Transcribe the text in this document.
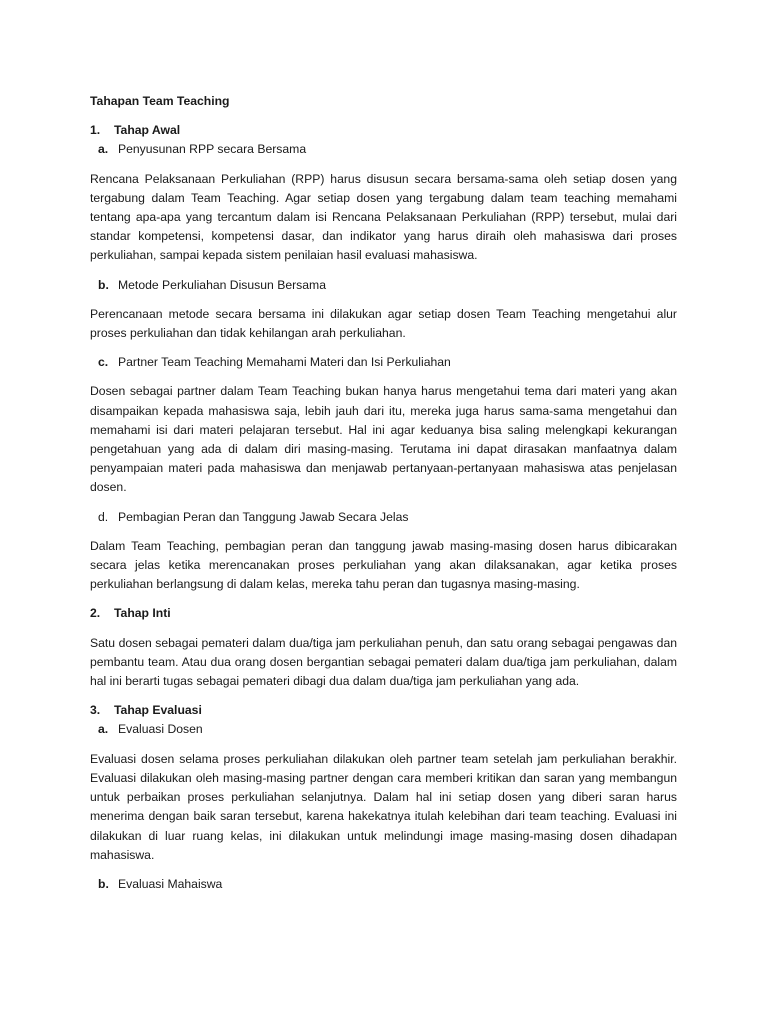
Tahapan Team Teaching
1.	Tahap Awal
a. Penyusunan RPP secara Bersama

Rencana Pelaksanaan Perkuliahan (RPP) harus disusun secara bersama-sama oleh setiap dosen yang tergabung dalam Team Teaching. Agar setiap dosen yang tergabung dalam team teaching memahami tentang apa-apa yang tercantum dalam isi Rencana Pelaksanaan Perkuliahan (RPP) tersebut, mulai dari standar kompetensi, kompetensi dasar, dan indikator yang harus diraih oleh mahasiswa dari proses perkuliahan, sampai kepada sistem penilaian hasil evaluasi mahasiswa.

b. Metode Perkuliahan Disusun Bersama

Perencanaan metode secara bersama ini dilakukan agar setiap dosen Team Teaching mengetahui alur proses perkuliahan dan tidak kehilangan arah perkuliahan.

c. Partner Team Teaching Memahami Materi dan Isi Perkuliahan

Dosen sebagai partner dalam Team Teaching bukan hanya harus mengetahui tema dari materi yang akan disampaikan kepada mahasiswa saja, lebih jauh dari itu, mereka juga harus sama-sama mengetahui dan memahami isi dari materi pelajaran tersebut. Hal ini agar keduanya bisa saling melengkapi kekurangan pengetahuan yang ada di dalam diri masing-masing. Terutama ini dapat dirasakan manfaatnya dalam penyampaian materi pada mahasiswa dan menjawab pertanyaan-pertanyaan mahasiswa atas penjelasan dosen.

d. Pembagian Peran dan Tanggung Jawab Secara Jelas

Dalam Team Teaching, pembagian peran dan tanggung jawab masing-masing dosen harus dibicarakan secara jelas ketika merencanakan proses perkuliahan yang akan dilaksanakan, agar ketika proses perkuliahan berlangsung di dalam kelas, mereka tahu peran dan tugasnya masing-masing.

2.	Tahap Inti

Satu dosen sebagai pemateri dalam dua/tiga jam perkuliahan penuh, dan satu orang sebagai pengawas dan pembantu team. Atau dua orang dosen bergantian sebagai pemateri dalam dua/tiga jam perkuliahan, dalam hal ini berarti tugas sebagai pemateri dibagi dua dalam dua/tiga jam perkuliahan yang ada.

3.	Tahap Evaluasi
a. Evaluasi Dosen

Evaluasi dosen selama proses perkuliahan dilakukan oleh partner team setelah jam perkuliahan berakhir. Evaluasi dilakukan oleh masing-masing partner dengan cara memberi kritikan dan saran yang membangun untuk perbaikan proses perkuliahan selanjutnya. Dalam hal ini setiap dosen yang diberi saran harus menerima dengan baik saran tersebut, karena hakekatnya itulah kelebihan dari team teaching. Evaluasi ini dilakukan di luar ruang kelas, ini dilakukan untuk melindungi image masing-masing dosen dihadapan mahasiswa.

b. Evaluasi Mahaiswa
